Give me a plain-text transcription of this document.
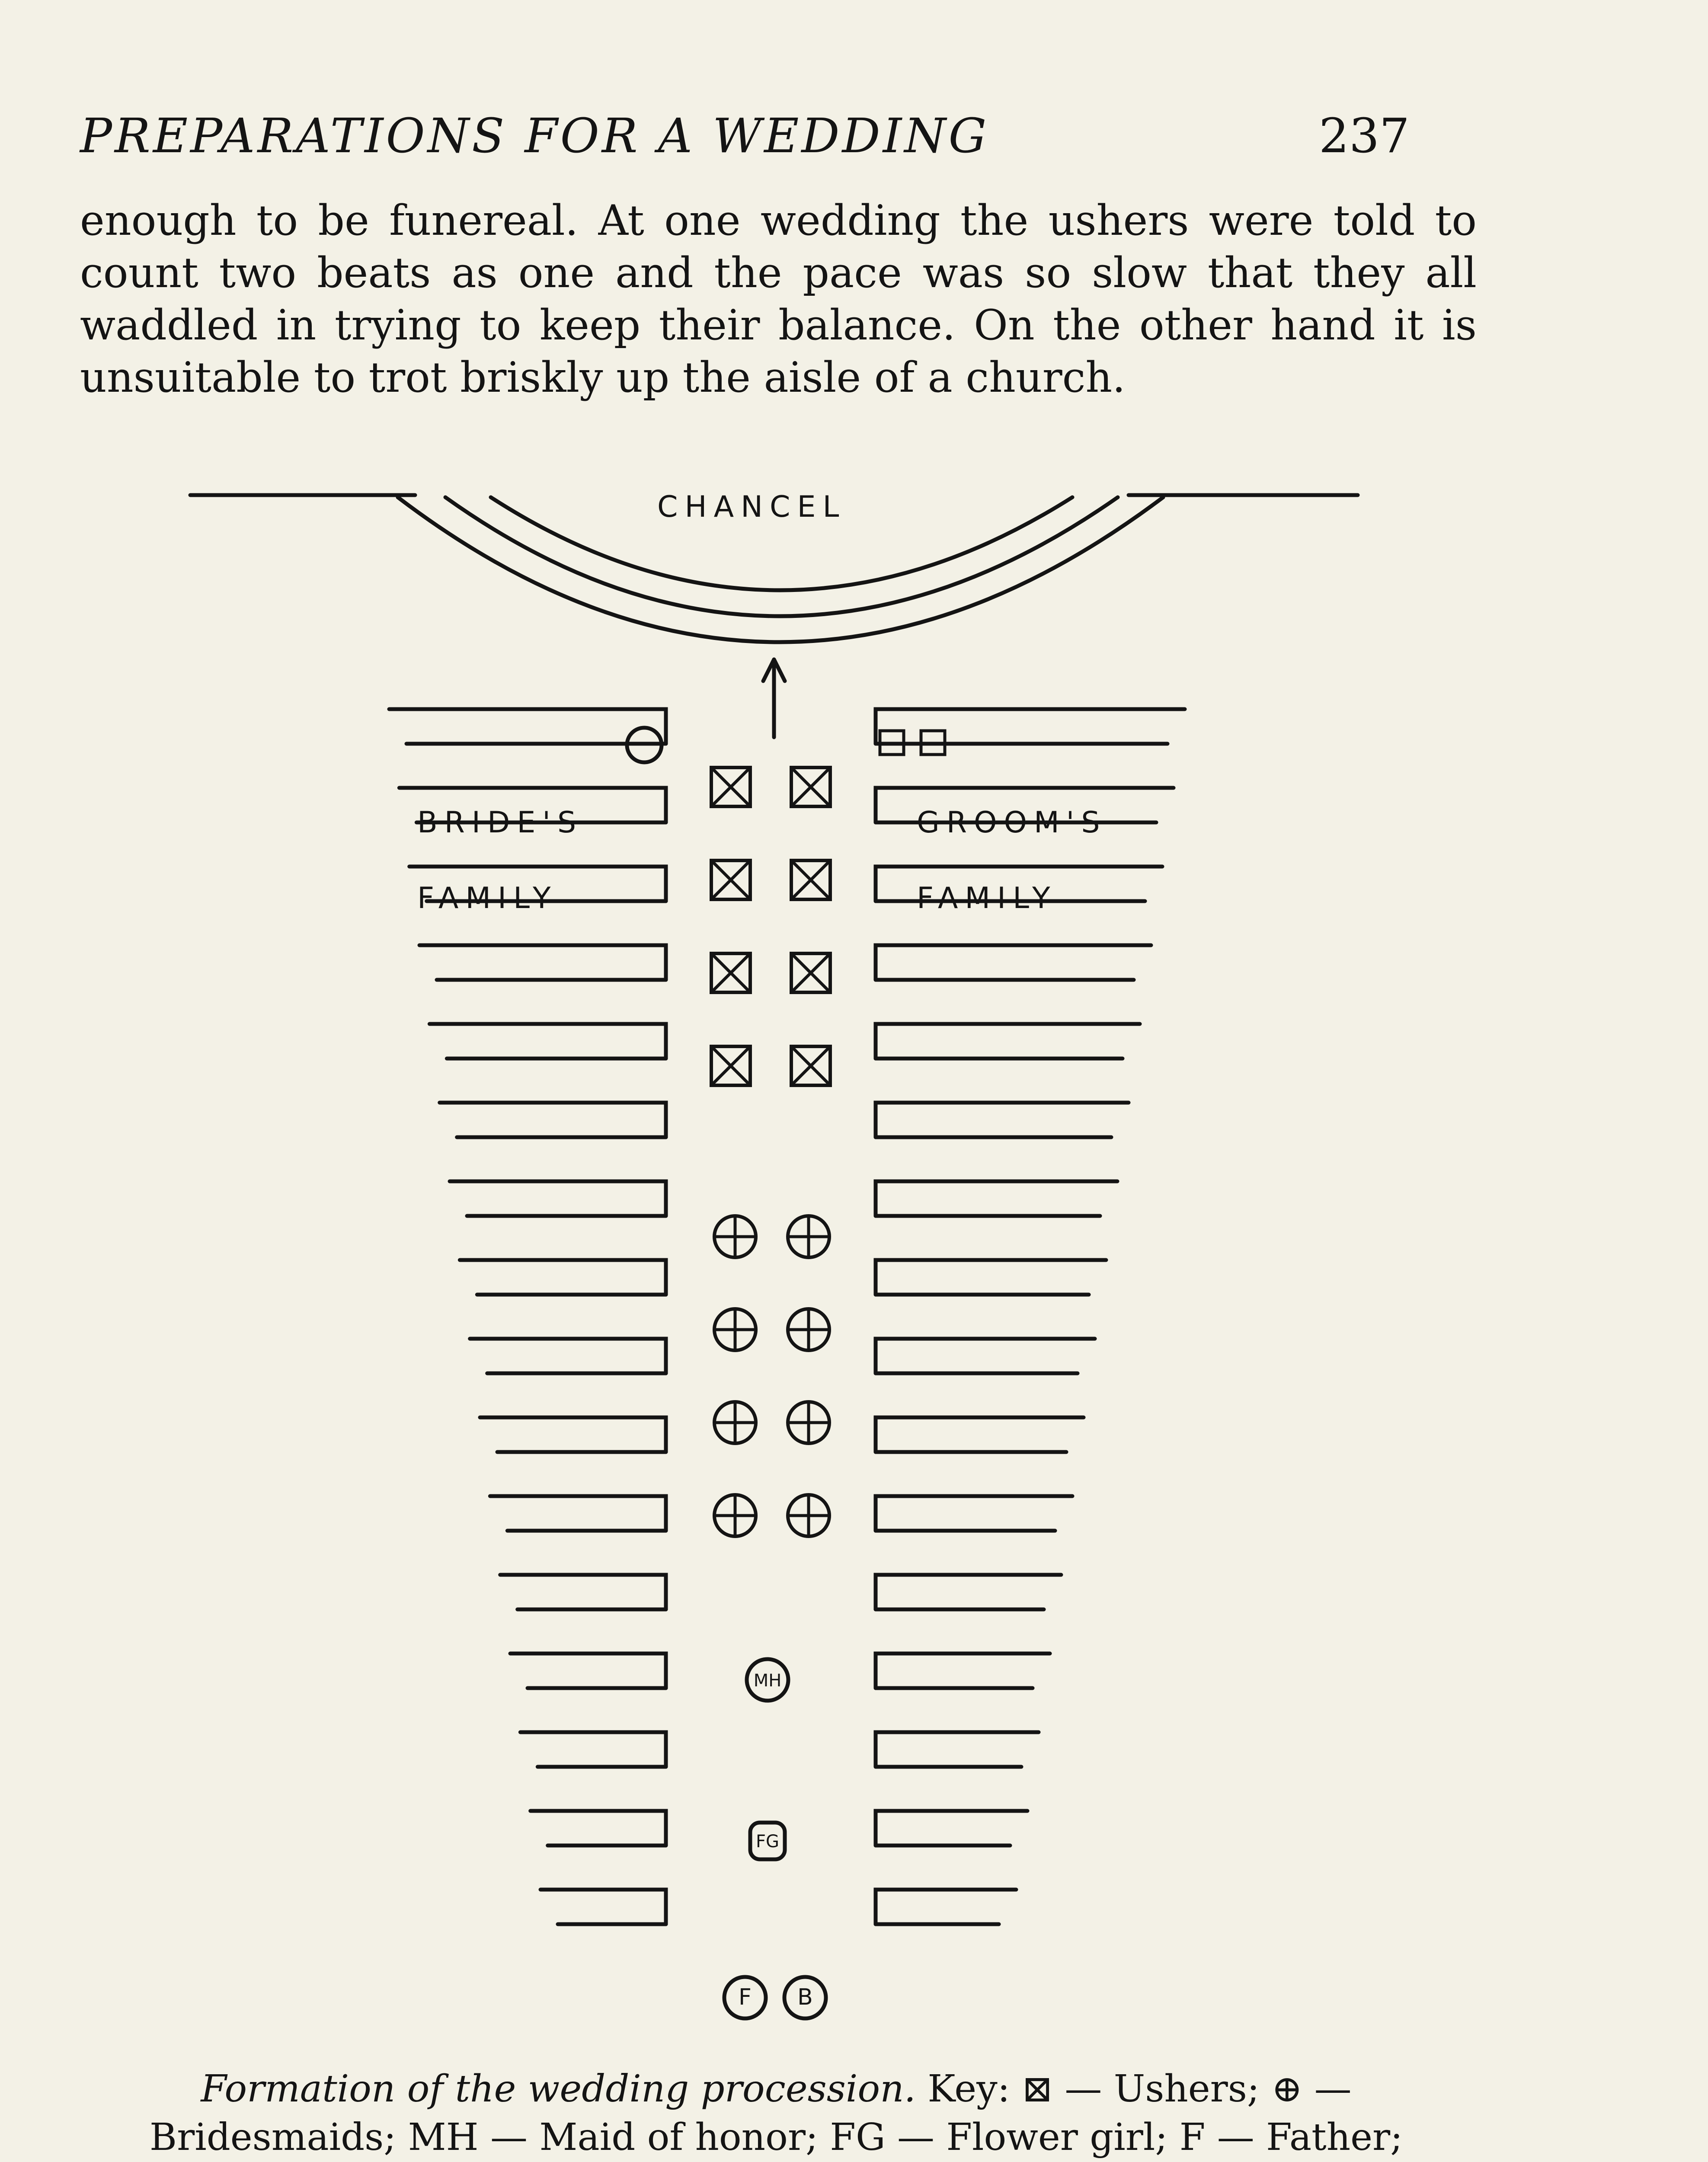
PREPARATIONS FOR A WEDDING	237
enough to be funereal. At one wedding the ushers were told to count two beats as one and the pace was so slow that they all waddled in trying to keep their balance. On the other hand it is unsuitable to trot briskly up the aisle of a church.
CHANCEL
BRIDE'S
FAMILY
GROOM'S
FAMILY
MH
FG
F B
Formation of the wedding procession. Key: ⊠ — Ushers; ⊕ — Bridesmaids; MH — Maid of honor; FG — Flower girl; F — Father;
